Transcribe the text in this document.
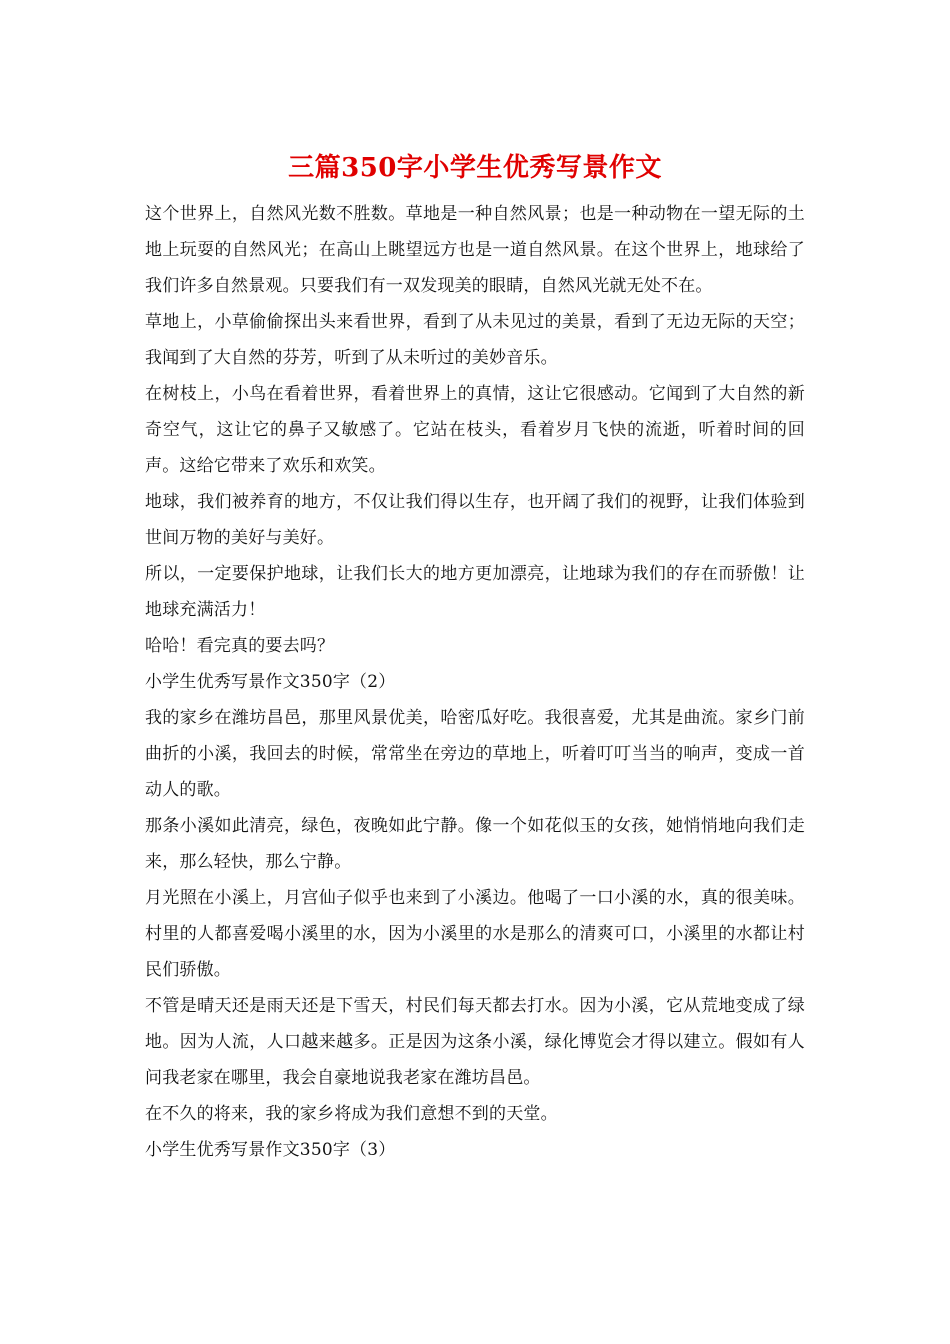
三篇350字小学生优秀写景作文

这个世界上，自然风光数不胜数。草地是一种自然风景；也是一种动物在一望无际的土地上玩耍的自然风光；在高山上眺望远方也是一道自然风景。在这个世界上，地球给了我们许多自然景观。只要我们有一双发现美的眼睛，自然风光就无处不在。

草地上，小草偷偷探出头来看世界，看到了从未见过的美景，看到了无边无际的天空；我闻到了大自然的芬芳，听到了从未听过的美妙音乐。

在树枝上，小鸟在看着世界，看着世界上的真情，这让它很感动。它闻到了大自然的新奇空气，这让它的鼻子又敏感了。它站在枝头，看着岁月飞快的流逝，听着时间的回声。这给它带来了欢乐和欢笑。

地球，我们被养育的地方，不仅让我们得以生存，也开阔了我们的视野，让我们体验到世间万物的美好与美好。

所以，一定要保护地球，让我们长大的地方更加漂亮，让地球为我们的存在而骄傲！让地球充满活力！

哈哈！看完真的要去吗？

小学生优秀写景作文350字（2）

我的家乡在潍坊昌邑，那里风景优美，哈密瓜好吃。我很喜爱，尤其是曲流。家乡门前曲折的小溪，我回去的时候，常常坐在旁边的草地上，听着叮叮当当的响声，变成一首动人的歌。

那条小溪如此清亮，绿色，夜晚如此宁静。像一个如花似玉的女孩，她悄悄地向我们走来，那么轻快，那么宁静。

月光照在小溪上，月宫仙子似乎也来到了小溪边。他喝了一口小溪的水，真的很美味。村里的人都喜爱喝小溪里的水，因为小溪里的水是那么的清爽可口，小溪里的水都让村民们骄傲。

不管是晴天还是雨天还是下雪天，村民们每天都去打水。因为小溪，它从荒地变成了绿地。因为人流，人口越来越多。正是因为这条小溪，绿化博览会才得以建立。假如有人问我老家在哪里，我会自豪地说我老家在潍坊昌邑。

在不久的将来，我的家乡将成为我们意想不到的天堂。

小学生优秀写景作文350字（3）
